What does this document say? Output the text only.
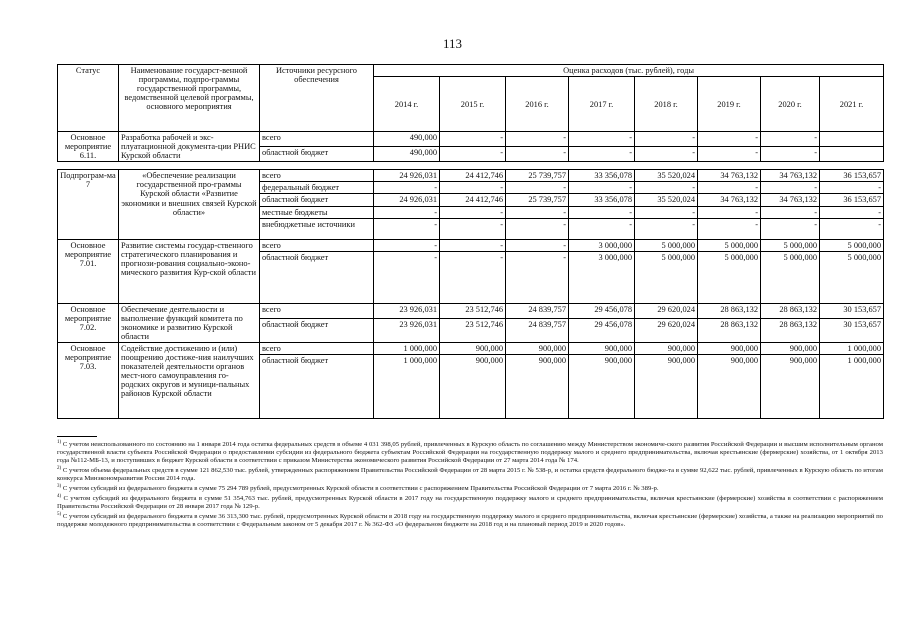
113
Статус	Наименование государст-венной программы, подпро-граммы государственной программы, ведомственной целевой программы, основного мероприятия	Источники ресурсного обеспечения	Оценка расходов (тыс. рублей), годы							
			2014 г.	2015 г.	2016 г.	2017 г.	2018 г.	2019 г.	2020 г.	2021 г.
Основное мероприятие 6.11.	Разработка рабочей и экс-плуатационной документа-ции РНИС Курской области	всего	490,000	-	-	-	-	-	-	
		областной бюджет	490,000	-	-	-	-	-	-	

Подпрограм-ма 7	«Обеспечение реализации государственной про-граммы Курской области «Развитие экономики и внешних связей Курской области»	всего	24 926,031	24 412,746	25 739,757	33 356,078	35 520,024	34 763,132	34 763,132	36 153,657
		федеральный бюджет	-	-	-	-	-	-	-	-
		областной бюджет	24 926,031	24 412,746	25 739,757	33 356,078	35 520,024	34 763,132	34 763,132	36 153,657
		местные бюджеты	-	-	-	-	-	-	-	-
		внебюджетные источники	-	-	-	-	-	-	-	-
Основное мероприятие 7.01.	Развитие системы государ-ственного стратегического планирования и прогнози-рования социально-эконо-мического развития Кур-ской области	всего	-	-	-	3 000,000	5 000,000	5 000,000	5 000,000	5 000,000
		областной бюджет	-	-	-	3 000,000	5 000,000	5 000,000	5 000,000	5 000,000
Основное мероприятие 7.02.	Обеспечение деятельности и выполнение функций комитета по экономике и развитию Курской области	всего	23 926,031	23 512,746	24 839,757	29 456,078	29 620,024	28 863,132	28 863,132	30 153,657
		областной бюджет	23 926,031	23 512,746	24 839,757	29 456,078	29 620,024	28 863,132	28 863,132	30 153,657
Основное мероприятие 7.03.	Содействие достижению и (или) поощрению достиже-ния наилучших показателей деятельности органов мест-ного самоуправления го-родских округов и муници-пальных районов Курской области	всего	1 000,000	900,000	900,000	900,000	900,000	900,000	900,000	1 000,000
		областной бюджет	1 000,000	900,000	900,000	900,000	900,000	900,000	900,000	1 000,000
$^{1)}$ С учетом неиспользованного по состоянию на 1 января 2014 года остатка федеральных средств в объеме 4 031 398,05 рублей, привлеченных в Курскую область по соглашению между Министерством экономиче-ского развития Российской Федерации и высшим исполнительным органом государственной власти субъекта Российской Федерации о предоставлении субсидии из федерального бюджета субъектам Российской Федерации на государственную поддержку малого и среднего предпринимательства, включая крестьянские (фермерские) хозяйства, от 1 октября 2013 года №112-МБ-13, и поступивших в бюджет Курской области в соответствии с приказом Министерства экономического развития Российской Федерации от 27 марта 2014 года № 174.
$^{2)}$ С учетом объема федеральных средств в сумме 121 862,530 тыс. рублей, утвержденных распоряжением Правительства Российской Федерации от 28 марта 2015 г. № 538-р, и остатка средств федерального бюдже-та в сумме 92,622 тыс. рублей, привлеченных в Курскую область по итогам конкурса Минэкономразвития России 2014 года.
$^{3)}$ С учетом субсидий из федерального бюджета в сумме 75 294 789 рублей, предусмотренных Курской области в соответствии с распоряжением Правительства Российской Федерации от 7 марта 2016 г. № 389-р.
$^{4)}$ С учетом субсидий из федерального бюджета в сумме 51 354,763 тыс. рублей, предусмотренных Курской области в 2017 году на государственную поддержку малого и среднего предпринимательства, включая крестьянские (фермерские) хозяйства в соответствии с распоряжением Правительства Российской Федерации от 28 января 2017 года № 129-р.
$^{5)}$ С учетом субсидий из федерального бюджета в сумме 36 313,300 тыс. рублей, предусмотренных Курской области в 2018 году на государственную поддержку малого и среднего предпринимательства, включая крестьянские (фермерские) хозяйства, а также на реализацию мероприятий по поддержке молодежного предпринимательства в соответствии с Федеральным законом от 5 декабря 2017 г. № 362-ФЗ «О федеральном бюджете на 2018 год и на плановый период 2019 и 2020 годов».
